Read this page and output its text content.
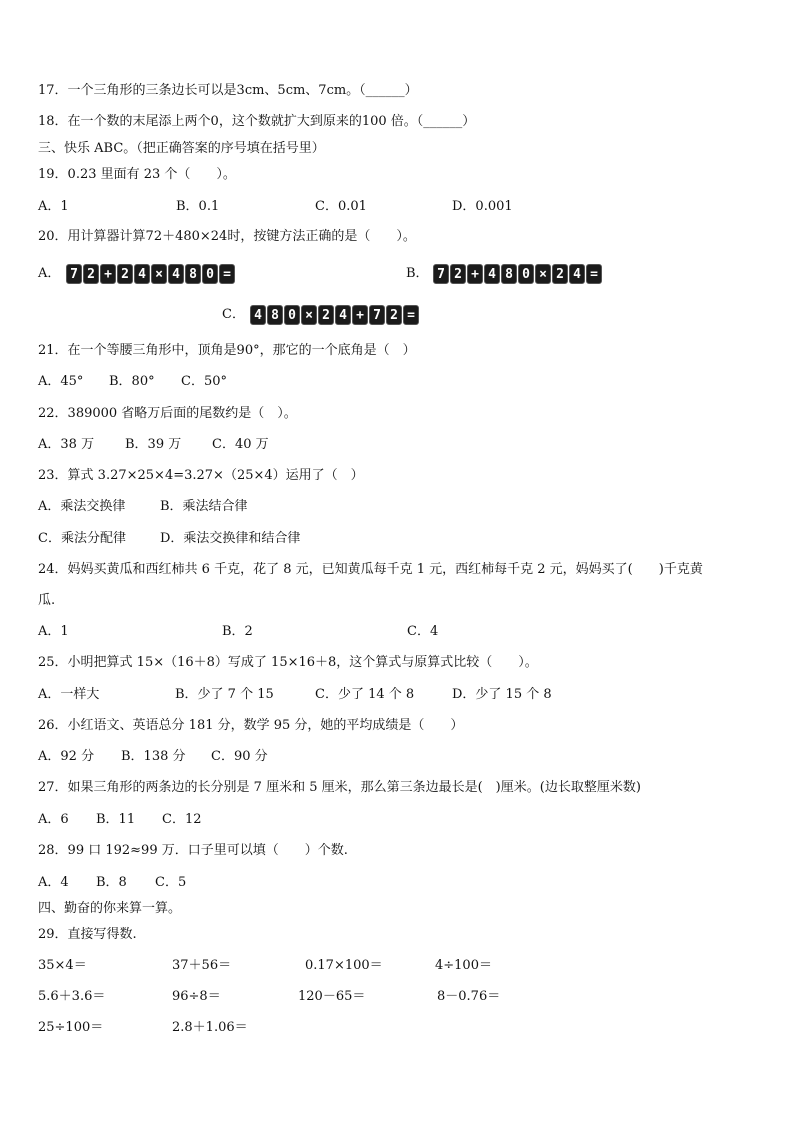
17．一个三角形的三条边长可以是3cm、5cm、7cm。（______）
18．在一个数的末尾添上两个0，这个数就扩大到原来的100 倍。（______）
三、快乐 ABC。（把正确答案的序号填在括号里）
19．0.23 里面有 23 个（　　）。
A．1	B．0.1	C．0.01	D．0.001
20．用计算器计算72＋480×24时，按键方法正确的是（　　）。
A． 7 2 + 2 4 × 4 8 0 =	B． 7 2 + 4 8 0 × 2 4 =
C． 4 8 0 × 2 4 + 7 2 =
21．在一个等腰三角形中，顶角是90°，那它的一个底角是（　）
A．45° B．80° C．50°
22．389000 省略万后面的尾数约是（　）。
A．38 万 B．39 万 C．40 万
23．算式 3.27×25×4=3.27×（25×4）运用了（　）
A．乘法交换律	B．乘法结合律
C．乘法分配律	D．乘法交换律和结合律
24．妈妈买黄瓜和西红柿共 6 千克，花了 8 元，已知黄瓜每千克 1 元，西红柿每千克 2 元，妈妈买了(　　)千克黄
瓜.
A．1	B．2	C．4
25．小明把算式 15×（16＋8）写成了 15×16＋8，这个算式与原算式比较（　　）。
A．一样大	B．少了 7 个 15	C．少了 14 个 8	D．少了 15 个 8
26．小红语文、英语总分 181 分，数学 95 分，她的平均成绩是（　　）
A．92 分 B．138 分 C．90 分
27．如果三角形的两条边的长分别是 7 厘米和 5 厘米，那么第三条边最长是(　)厘米。(边长取整厘米数)
A．6 B．11 C．12
28．99 口 192≈99 万．口子里可以填（　　）个数.
A．4 B．8 C．5
四、勤奋的你来算一算。
29．直接写得数.
35×4＝	37＋56＝	0.17×100＝	4÷100＝
5.6＋3.6＝	96÷8＝	120－65＝	8－0.76＝
25÷100＝	2.8＋1.06＝
